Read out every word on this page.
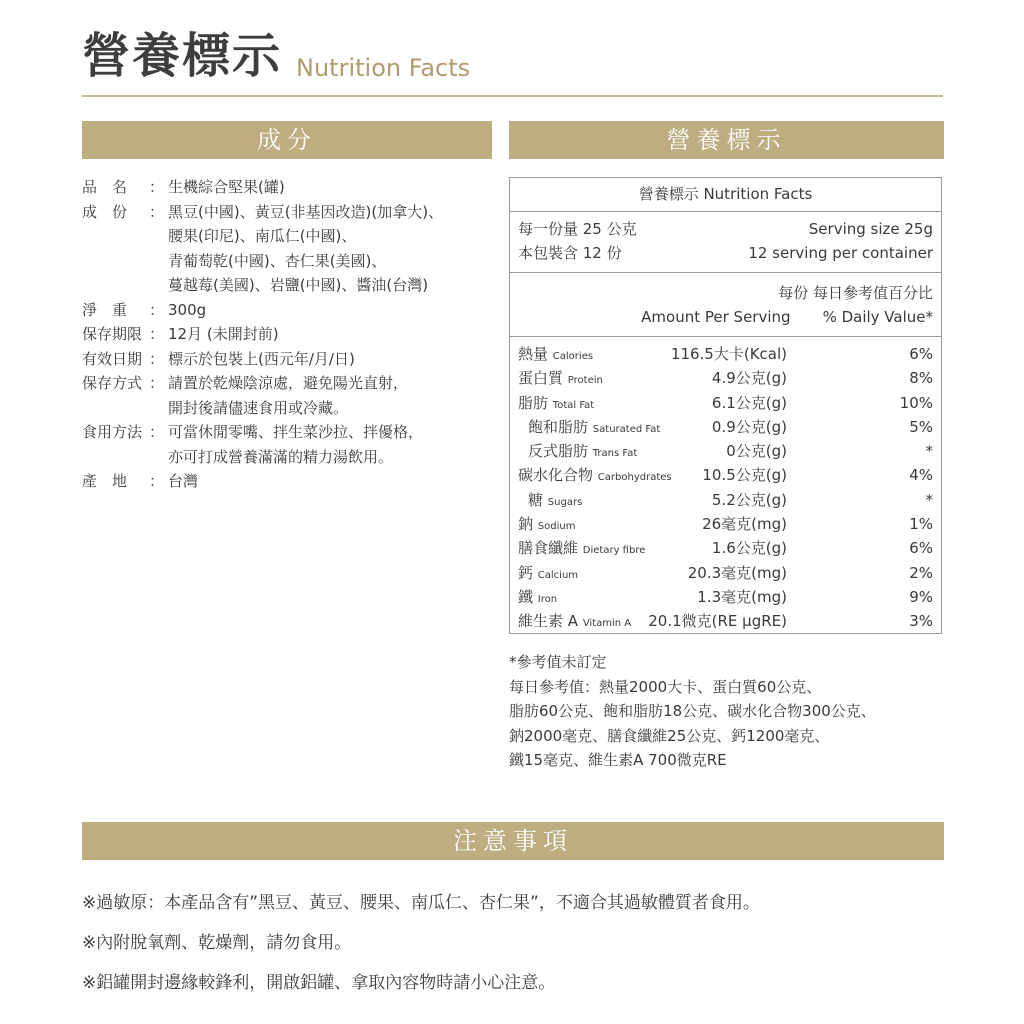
營養標示 Nutrition Facts
成分	營養標示
品　名 ： 生機綜合堅果(罐)
成　份 ： 黑豆(中國)、黃豆(非基因改造)(加拿大)、
腰果(印尼)、南瓜仁(中國)、
青葡萄乾(中國)、杏仁果(美國)、
蔓越莓(美國)、岩鹽(中國)、醬油(台灣)
淨　重 ： 300g
保存期限 ： 12月 (未開封前)
有效日期 ： 標示於包裝上(西元年/月/日)
保存方式 ： 請置於乾燥陰涼處，避免陽光直射，
開封後請儘速食用或冷藏。
食用方法 ： 可當休閒零嘴、拌生菜沙拉、拌優格，
亦可打成營養滿滿的精力湯飲用。
產　地 ： 台灣
營養標示 Nutrition Facts
每一份量 25 公克	Serving size 25g
本包裝含 12 份	12 serving per container
每份 每日參考值百分比
Amount Per Serving % Daily Value*
熱量 Calories	116.5大卡(Kcal)	6%
蛋白質 Protein	4.9公克(g)	8%
脂肪 Total Fat	6.1公克(g)	10%
飽和脂肪 Saturated Fat	0.9公克(g)	5%
反式脂肪 Trans Fat	0公克(g)	*
碳水化合物 Carbohydrates 10.5公克(g)	4%
糖 Sugars	5.2公克(g)	*
鈉 Sodium	26毫克(mg)	1%
膳食纖維 Dietary fibre	1.6公克(g)	6%
鈣 Calcium	20.3毫克(mg)	2%
鐵 Iron	1.3毫克(mg)	9%
維生素 A Vitamin A 20.1微克(RE µgRE)	3%
*參考值未訂定
每日參考值：熱量2000大卡、蛋白質60公克、
脂肪60公克、飽和脂肪18公克、碳水化合物300公克、
鈉2000毫克、膳食纖維25公克、鈣1200毫克、
鐵15毫克、維生素A 700微克RE
注意事項
※過敏原：本產品含有”黑豆、黃豆、腰果、南瓜仁、杏仁果”，不適合其過敏體質者食用。
※內附脫氧劑、乾燥劑，請勿食用。
※鋁罐開封邊緣較鋒利，開啟鋁罐、拿取內容物時請小心注意。
